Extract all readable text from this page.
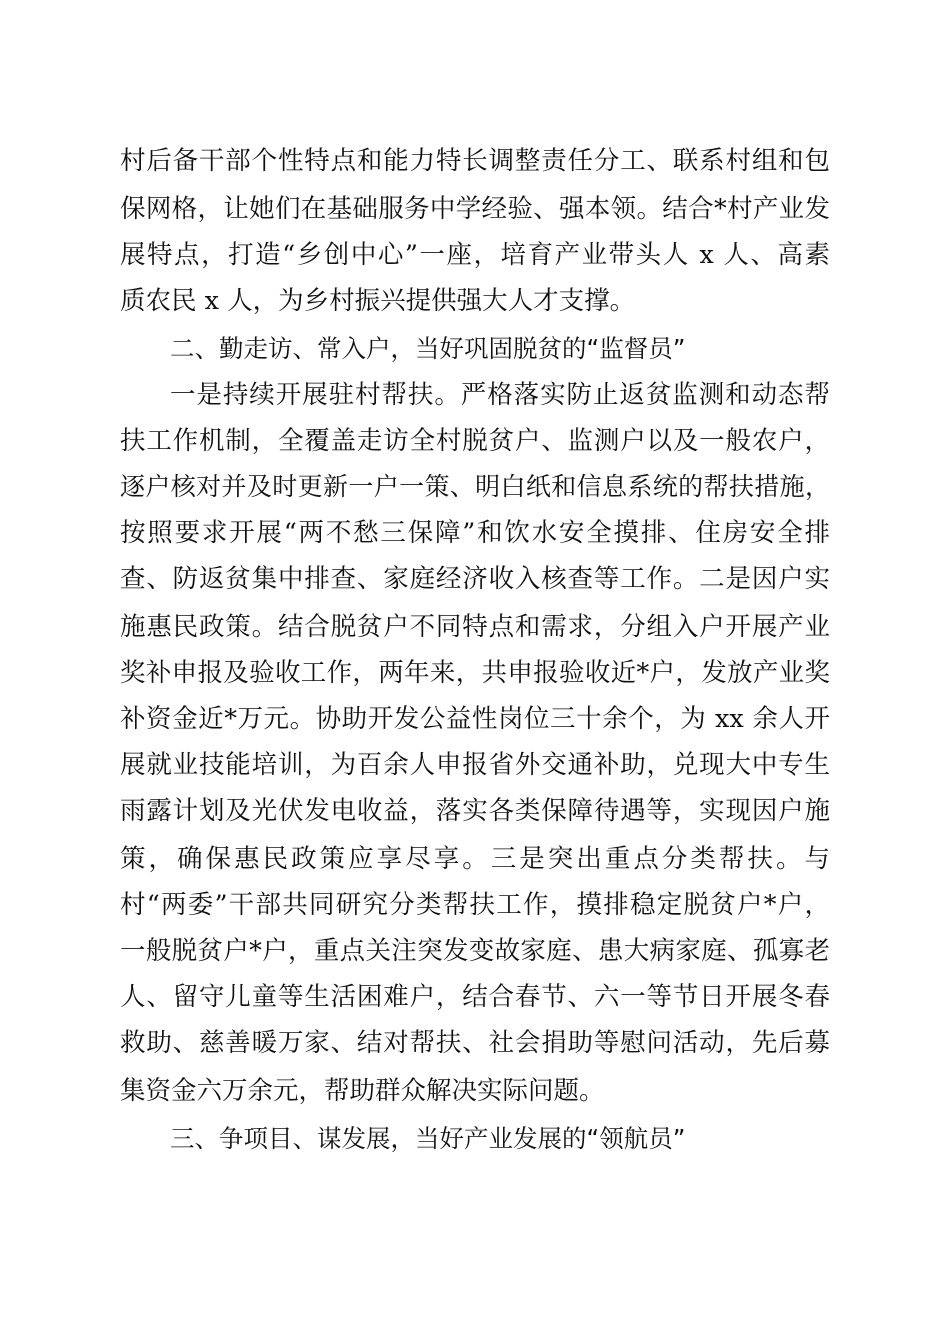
村后备干部个性特点和能力特长调整责任分工、联系村组和包
保网格，让她们在基础服务中学经验、强本领。结合*村产业发
展特点，打造“乡创中心”一座，培育产业带头人 x 人、高素
质农民 x 人，为乡村振兴提供强大人才支撑。
二、勤走访、常入户，当好巩固脱贫的“监督员”
一是持续开展驻村帮扶。严格落实防止返贫监测和动态帮
扶工作机制，全覆盖走访全村脱贫户、监测户以及一般农户，
逐户核对并及时更新一户一策、明白纸和信息系统的帮扶措施，
按照要求开展“两不愁三保障”和饮水安全摸排、住房安全排
查、防返贫集中排查、家庭经济收入核查等工作。二是因户实
施惠民政策。结合脱贫户不同特点和需求，分组入户开展产业
奖补申报及验收工作，两年来，共申报验收近*户，发放产业奖
补资金近*万元。协助开发公益性岗位三十余个，为 xx 余人开
展就业技能培训，为百余人申报省外交通补助，兑现大中专生
雨露计划及光伏发电收益，落实各类保障待遇等，实现因户施
策，确保惠民政策应享尽享。三是突出重点分类帮扶。与
村“两委”干部共同研究分类帮扶工作，摸排稳定脱贫户*户，
一般脱贫户*户，重点关注突发变故家庭、患大病家庭、孤寡老
人、留守儿童等生活困难户，结合春节、六一等节日开展冬春
救助、慈善暖万家、结对帮扶、社会捐助等慰问活动，先后募
集资金六万余元，帮助群众解决实际问题。
三、争项目、谋发展，当好产业发展的“领航员”
